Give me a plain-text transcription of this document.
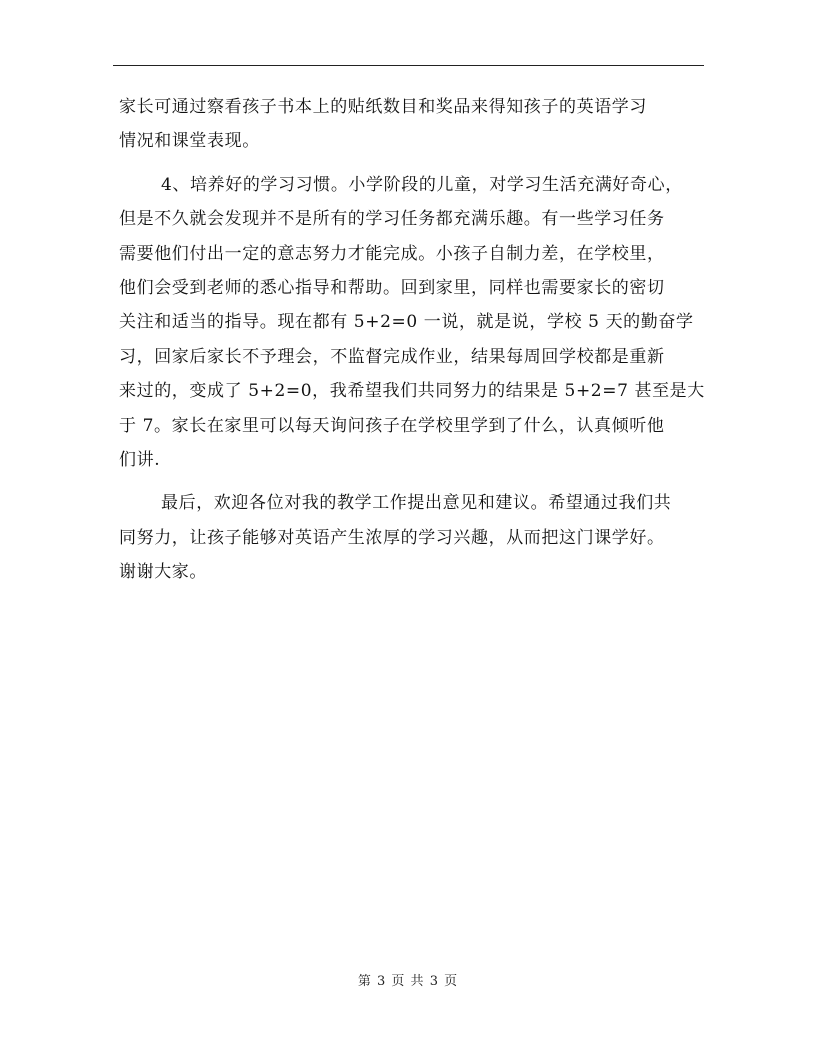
家长可通过察看孩子书本上的贴纸数目和奖品来得知孩子的英语学习
情况和课堂表现。
4、培养好的学习习惯。小学阶段的儿童，对学习生活充满好奇心，
但是不久就会发现并不是所有的学习任务都充满乐趣。有一些学习任务
需要他们付出一定的意志努力才能完成。小孩子自制力差，在学校里，
他们会受到老师的悉心指导和帮助。回到家里，同样也需要家长的密切
关注和适当的指导。现在都有 5+2=0 一说，就是说，学校 5 天的勤奋学
习，回家后家长不予理会，不监督完成作业，结果每周回学校都是重新
来过的，变成了 5+2=0，我希望我们共同努力的结果是 5+2=7 甚至是大
于 7。家长在家里可以每天询问孩子在学校里学到了什么，认真倾听他
们讲.
最后，欢迎各位对我的教学工作提出意见和建议。希望通过我们共
同努力，让孩子能够对英语产生浓厚的学习兴趣，从而把这门课学好。
谢谢大家。
第 3 页 共 3 页
